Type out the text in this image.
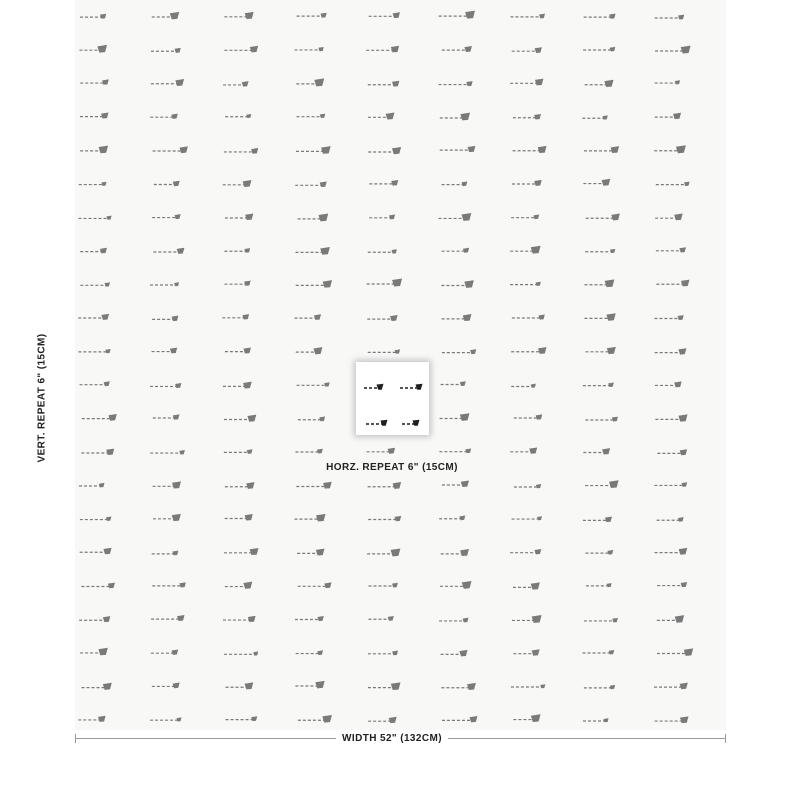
VERT. REPEAT 6" (15CM)
HORZ. REPEAT 6" (15CM)
WIDTH 52" (132CM)
